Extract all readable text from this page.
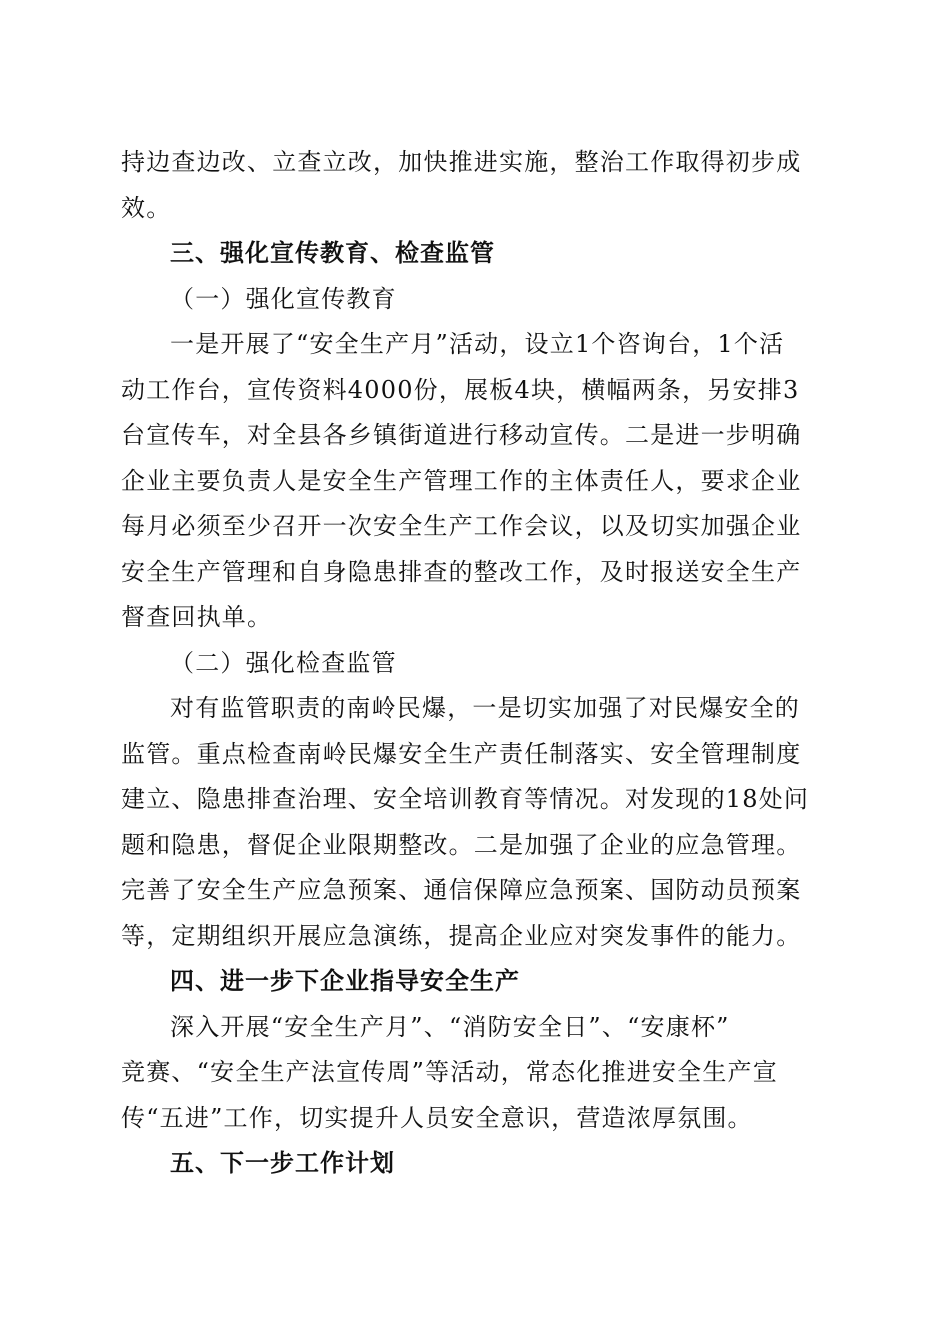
持边查边改、立查立改，加快推进实施，整治工作取得初步成
效。
三、强化宣传教育、检查监管
（一）强化宣传教育
一是开展了“安全生产月”活动，设立1个咨询台，1个活
动工作台，宣传资料4000份，展板4块，横幅两条，另安排3
台宣传车，对全县各乡镇街道进行移动宣传。二是进一步明确
企业主要负责人是安全生产管理工作的主体责任人，要求企业
每月必须至少召开一次安全生产工作会议，以及切实加强企业
安全生产管理和自身隐患排查的整改工作，及时报送安全生产
督查回执单。
（二）强化检查监管
对有监管职责的南岭民爆，一是切实加强了对民爆安全的
监管。重点检查南岭民爆安全生产责任制落实、安全管理制度
建立、隐患排查治理、安全培训教育等情况。对发现的18处问
题和隐患，督促企业限期整改。二是加强了企业的应急管理。
完善了安全生产应急预案、通信保障应急预案、国防动员预案
等，定期组织开展应急演练，提高企业应对突发事件的能力。
四、进一步下企业指导安全生产
深入开展“安全生产月”、“消防安全日”、“安康杯”
竞赛、“安全生产法宣传周”等活动，常态化推进安全生产宣
传“五进”工作，切实提升人员安全意识，营造浓厚氛围。
五、下一步工作计划
